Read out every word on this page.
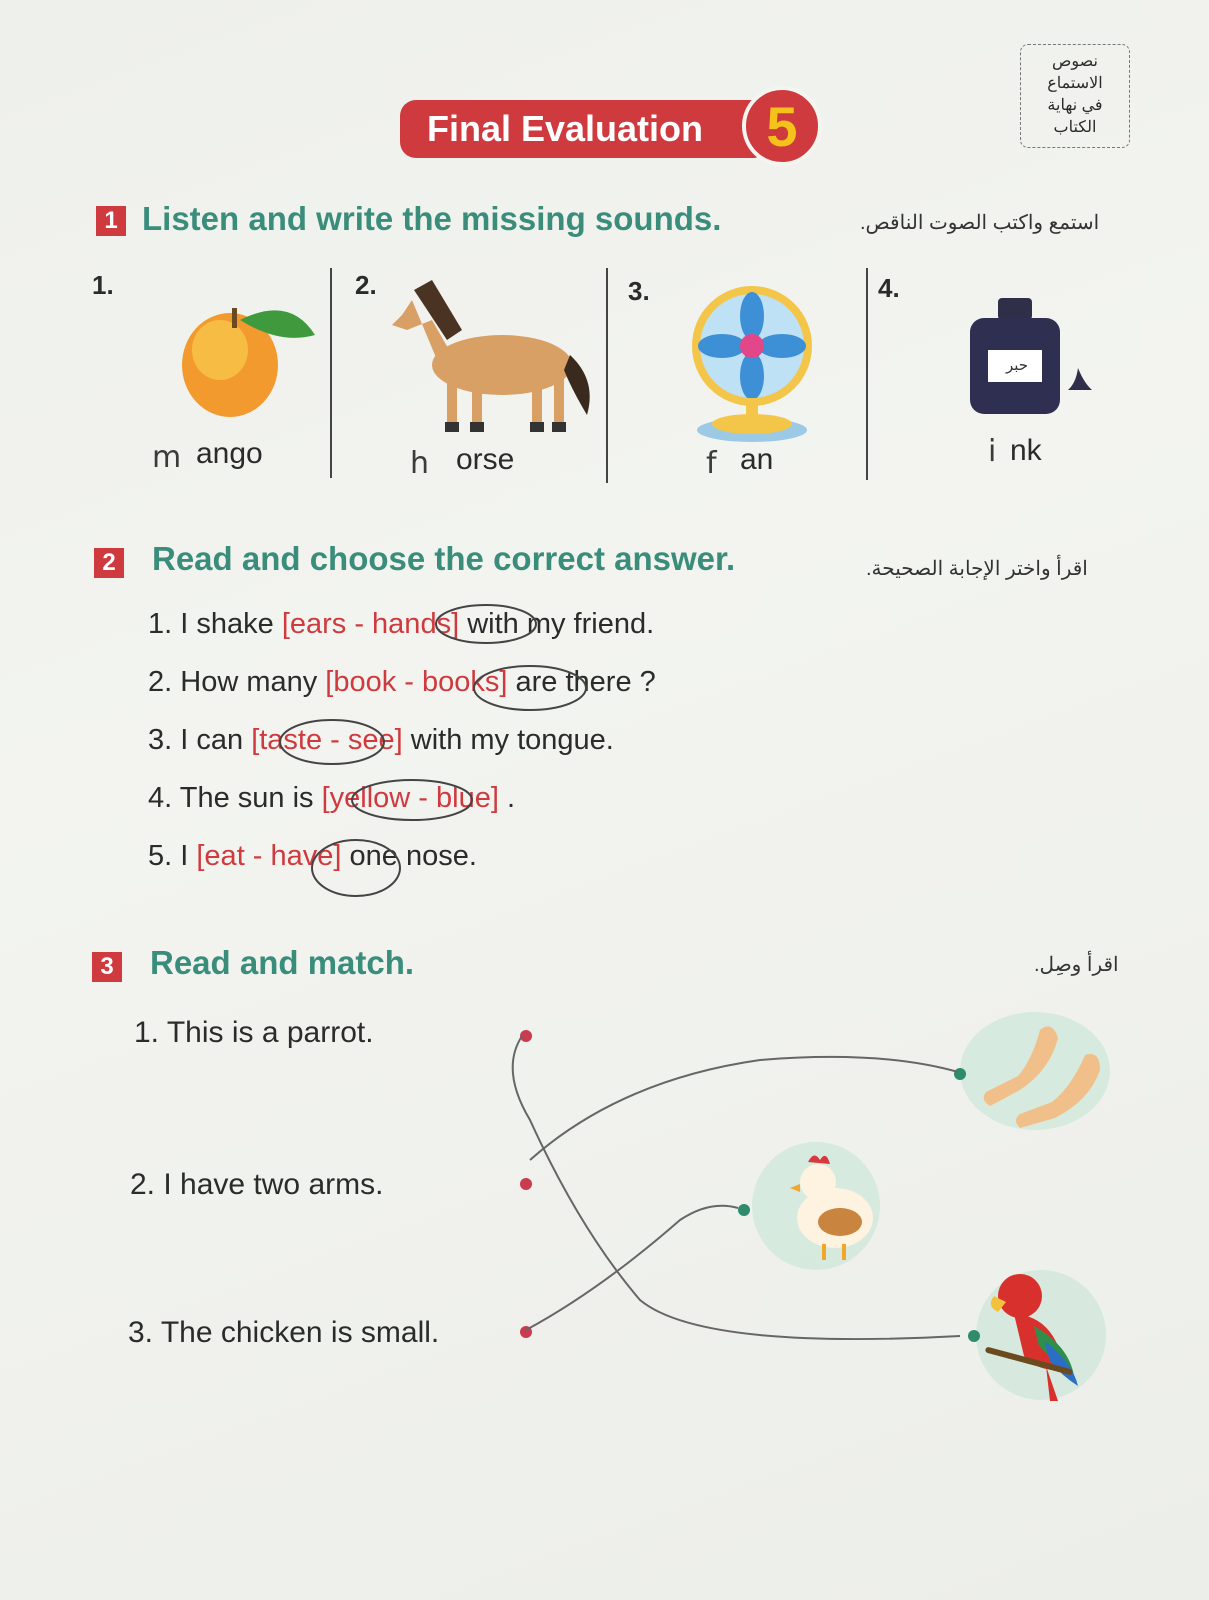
Final Evaluation 5
نصوص
الاستماع
في نهاية
الكتاب
1 Listen and write the missing sounds.	استمع واكتب الصوت الناقص.
1.
m ango
2.
h orse
3.
f an
4.
حبر
i nk
2 Read and choose the correct answer.	اقرأ واختر الإجابة الصحيحة.
1. I shake [ears - hands] with my friend.
2. How many [book - books] are there ?
3. I can [taste - see] with my tongue.
4. The sun is [yellow - blue] .
5. I [eat - have] one nose.
3 Read and match.	اقرأ وصِل.
1. This is a parrot.
2. I have two arms.
3. The chicken is small.
